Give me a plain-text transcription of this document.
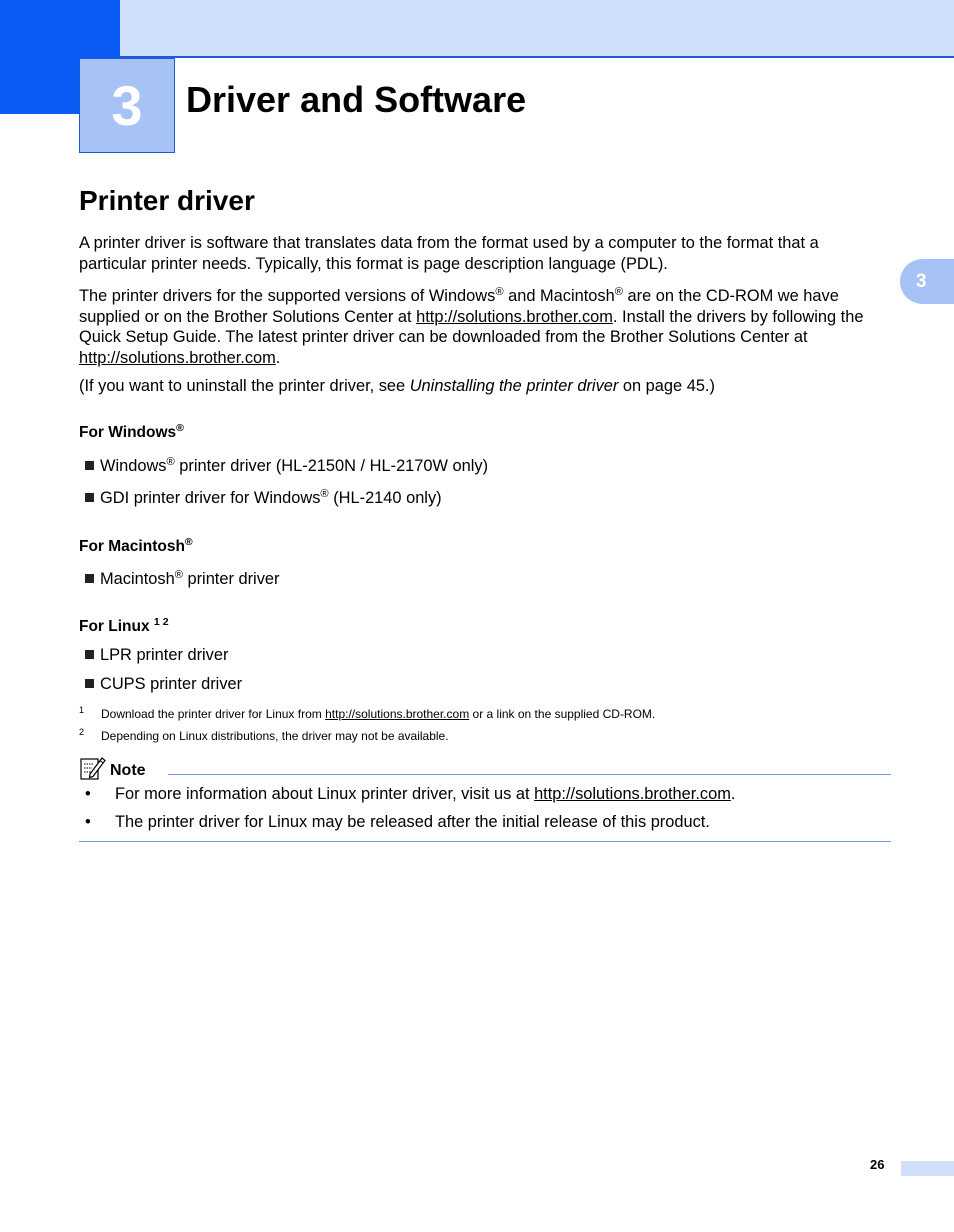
3	Driver and Software
3
Printer driver
A printer driver is software that translates data from the format used by a computer to the format that a
particular printer needs. Typically, this format is page description language (PDL).
The printer drivers for the supported versions of Windows® and Macintosh® are on the CD-ROM we have
supplied or on the Brother Solutions Center at http://solutions.brother.com. Install the drivers by following the
Quick Setup Guide. The latest printer driver can be downloaded from the Brother Solutions Center at
http://solutions.brother.com.
(If you want to uninstall the printer driver, see Uninstalling the printer driver on page 45.)
For Windows®
Windows® printer driver (HL-2150N / HL-2170W only)
GDI printer driver for Windows® (HL-2140 only)
For Macintosh®
Macintosh® printer driver
For Linux $^{1 2}$
LPR printer driver
CUPS printer driver
1 Download the printer driver for Linux from http://solutions.brother.com or a link on the supplied CD-ROM.
2 Depending on Linux distributions, the driver may not be available.
Note
• For more information about Linux printer driver, visit us at http://solutions.brother.com.
• The printer driver for Linux may be released after the initial release of this product.
26
